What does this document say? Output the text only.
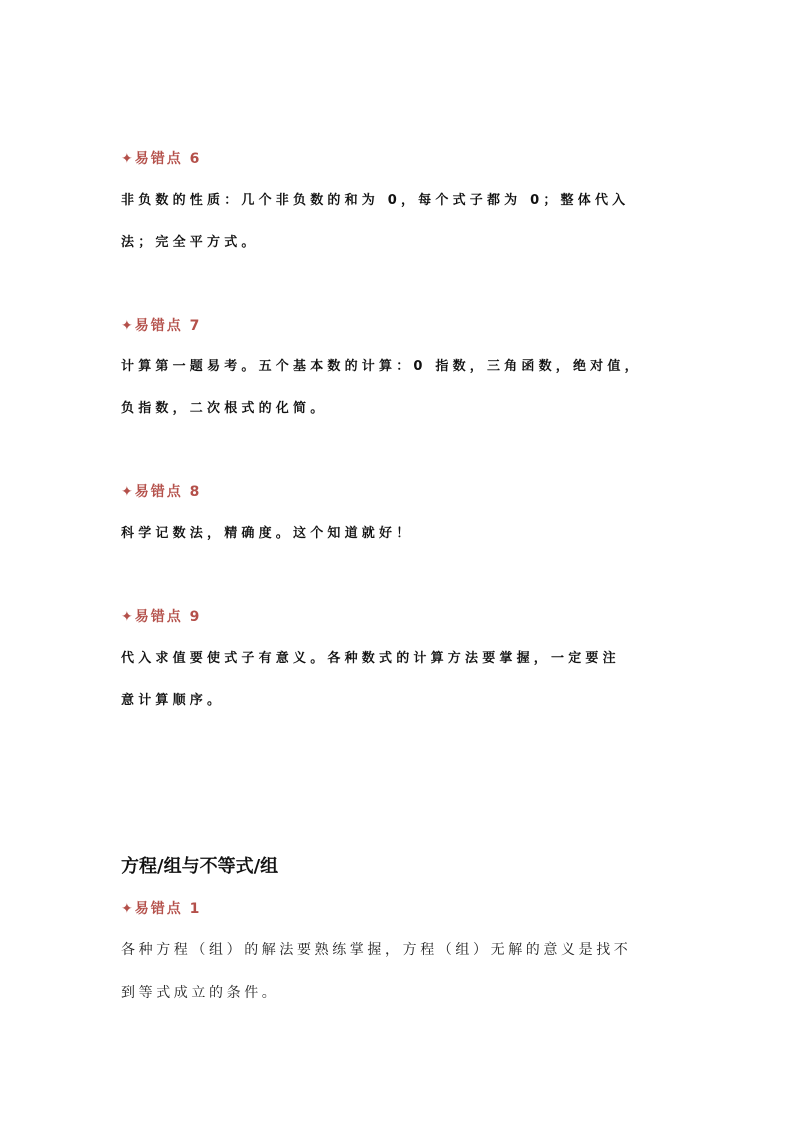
✦ 易错点 6
非负数的性质：几个非负数的和为 0，每个式子都为 0；整体代入
法；完全平方式。
✦ 易错点 7
计算第一题易考。五个基本数的计算：0 指数，三角函数，绝对值，
负指数，二次根式的化简。
✦ 易错点 8
科学记数法，精确度。这个知道就好！
✦ 易错点 9
代入求值要使式子有意义。各种数式的计算方法要掌握，一定要注
意计算顺序。
方程/组与不等式/组
✦ 易错点 1
各种方程（组）的解法要熟练掌握，方程（组）无解的意义是找不
到等式成立的条件。
